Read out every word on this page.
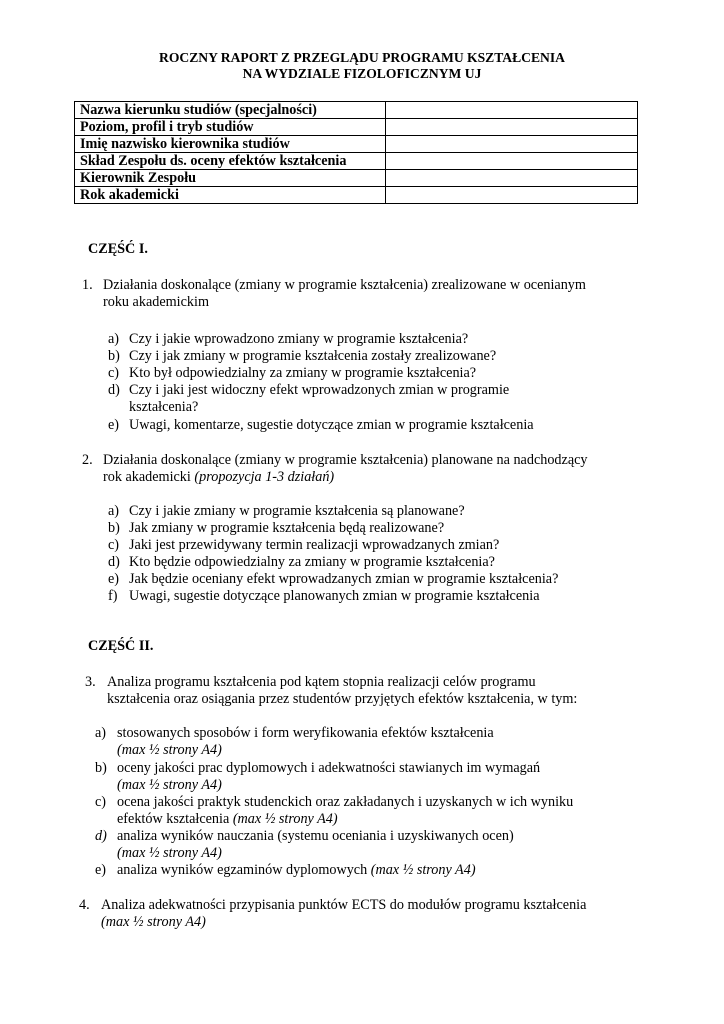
ROCZNY RAPORT Z PRZEGLĄDU PROGRAMU KSZTAŁCENIA
NA WYDZIALE FIZOLOFICZNYM UJ
Nazwa kierunku studiów (specjalności)	
Poziom, profil i tryb studiów	
Imię nazwisko kierownika studiów	
Skład Zespołu ds. oceny efektów kształcenia	
Kierownik Zespołu	
Rok akademicki	
CZĘŚĆ I.
1. Działania doskonalące (zmiany w programie kształcenia) zrealizowane w ocenianym
roku akademickim
a) Czy i jakie wprowadzono zmiany w programie kształcenia?
b) Czy i jak zmiany w programie kształcenia zostały zrealizowane?
c) Kto był odpowiedzialny za zmiany w programie kształcenia?
d) Czy i jaki jest widoczny efekt wprowadzonych zmian w programie
kształcenia?
e) Uwagi, komentarze, sugestie dotyczące zmian w programie kształcenia
2. Działania doskonalące (zmiany w programie kształcenia) planowane na nadchodzący
rok akademicki (propozycja 1-3 działań)
a) Czy i jakie zmiany w programie kształcenia są planowane?
b) Jak zmiany w programie kształcenia będą realizowane?
c) Jaki jest przewidywany termin realizacji wprowadzanych zmian?
d) Kto będzie odpowiedzialny za zmiany w programie kształcenia?
e) Jak będzie oceniany efekt wprowadzanych zmian w programie kształcenia?
f) Uwagi, sugestie dotyczące planowanych zmian w programie kształcenia
CZĘŚĆ II.
3. Analiza programu kształcenia pod kątem stopnia realizacji celów programu
kształcenia oraz osiągania przez studentów przyjętych efektów kształcenia, w tym:
a) stosowanych sposobów i form weryfikowania efektów kształcenia
(max ½ strony A4)
b) oceny jakości prac dyplomowych i adekwatności stawianych im wymagań
(max ½ strony A4)
c) ocena jakości praktyk studenckich oraz zakładanych i uzyskanych w ich wyniku
efektów kształcenia (max ½ strony A4)
d) analiza wyników nauczania (systemu oceniania i uzyskiwanych ocen)
(max ½ strony A4)
e) analiza wyników egzaminów dyplomowych (max ½ strony A4)
4. Analiza adekwatności przypisania punktów ECTS do modułów programu kształcenia
(max ½ strony A4)
